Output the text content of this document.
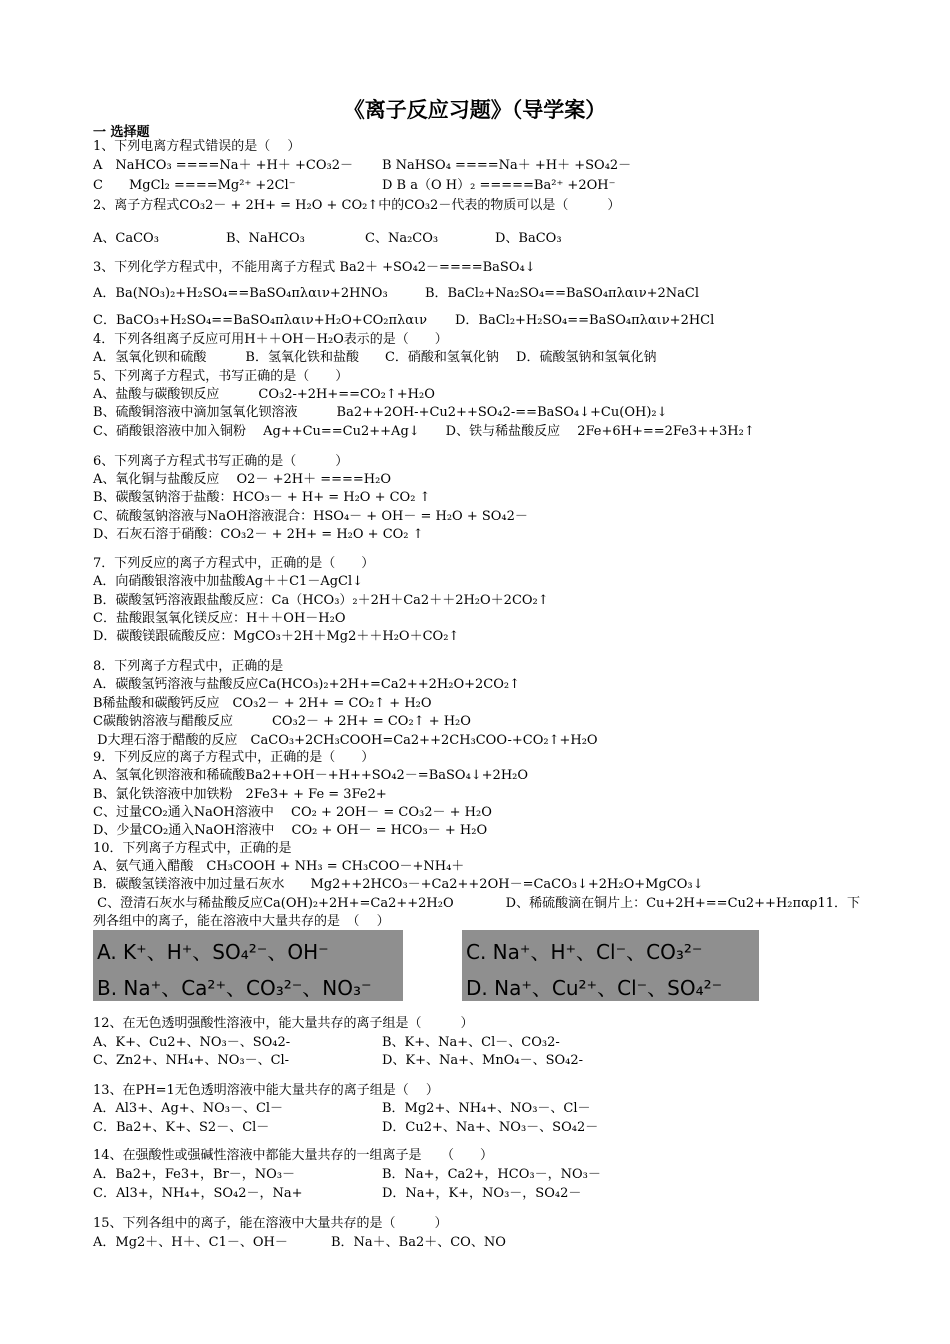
《离子反应习题》（导学案）
一 选择题
1、下列电离方程式错误的是（　 ）
A　NaHCO₃ ====Na＋ +H＋ +CO₃2－ B NaHSO₄ ====Na＋ +H＋ +SO₄2－
C　　MgCl₂ ====Mg²⁺ +2Cl⁻	D B a（O H）₂ =====Ba²⁺ +2OH⁻
2、离子方程式CO₃2－ + 2H+ = H₂O + CO₂↑中的CO₃2－代表的物质可以是（　　　）
A、CaCO₃	B、NaHCO₃	C、Na₂CO₃	D、BaCO₃
3、下列化学方程式中，不能用离子方程式 Ba2＋ +SO₄2－====BaSO₄↓
A．Ba(NO₃)₂+H₂SO₄==BaSO₄πλαιν+2HNO₃	B．BaCl₂+Na₂SO₄==BaSO₄πλαιν+2NaCl
C．BaCO₃+H₂SO₄==BaSO₄πλαιν+H₂O+CO₂πλαιν D．BaCl₂+H₂SO₄==BaSO₄πλαιν+2HCl
4．下列各组离子反应可用H＋＋OH－H₂O表示的是（　　）
A．氢氧化钡和硫酸　　　B．氢氧化铁和盐酸　　C．硝酸和氢氧化钠　 D．硫酸氢钠和氢氧化钠
5、下列离子方程式，书写正确的是（　　）
A、盐酸与碳酸钡反应　　　CO₃2-+2H+==CO₂↑+H₂O
B、硫酸铜溶液中滴加氢氧化钡溶液　　　Ba2++2OH-+Cu2++SO₄2-==BaSO₄↓+Cu(OH)₂↓
C、硝酸银溶液中加入铜粉　 Ag++Cu==Cu2++Ag↓　　D、铁与稀盐酸反应　 2Fe+6H+==2Fe3++3H₂↑
6、下列离子方程式书写正确的是（　　　）
A、氧化铜与盐酸反应　 O2－ +2H＋ ====H₂O
B、碳酸氢钠溶于盐酸：HCO₃－ + H+ = H₂O + CO₂ ↑
C、硫酸氢钠溶液与NaOH溶液混合：HSO₄－ + OH－ = H₂O + SO₄2－
D、石灰石溶于硝酸：CO₃2－ + 2H+ = H₂O + CO₂ ↑
7．下列反应的离子方程式中，正确的是（　　）
A．向硝酸银溶液中加盐酸Ag＋＋C1－AgCl↓
B．碳酸氢钙溶液跟盐酸反应：Ca（HCO₃）₂＋2H＋Ca2＋＋2H₂O＋2CO₂↑
C．盐酸跟氢氧化镁反应：H＋＋OH－H₂O
D．碳酸镁跟硫酸反应：MgCO₃＋2H＋Mg2＋＋H₂O＋CO₂↑
8．下列离子方程式中，正确的是
A．碳酸氢钙溶液与盐酸反应Ca(HCO₃)₂+2H+=Ca2++2H₂O+2CO₂↑
B稀盐酸和碳酸钙反应　CO₃2－ + 2H+ = CO₂↑ + H₂O
C碳酸钠溶液与醋酸反应　　　CO₃2－ + 2H+ = CO₂↑ + H₂O
D大理石溶于醋酸的反应　CaCO₃+2CH₃COOH=Ca2++2CH₃COO-+CO₂↑+H₂O
9．下列反应的离子方程式中，正确的是（　　）
A、氢氧化钡溶液和稀硫酸Ba2++OH－+H++SO₄2－=BaSO₄↓+2H₂O
B、氯化铁溶液中加铁粉　2Fe3+ + Fe = 3Fe2+
C、过量CO₂通入NaOH溶液中　 CO₂ + 2OH－ = CO₃2－ + H₂O
D、少量CO₂通入NaOH溶液中　 CO₂ + OH－ = HCO₃－ + H₂O
10．下列离子方程式中，正确的是
A、氨气通入醋酸　CH₃COOH + NH₃ = CH₃COO－+NH₄＋
B．碳酸氢镁溶液中加过量石灰水　　Mg2++2HCO₃－+Ca2++2OH－=CaCO₃↓+2H₂O+MgCO₃↓
C、澄清石灰水与稀盐酸反应Ca(OH)₂+2H+=Ca2++2H₂O　　　　D、稀硫酸滴在铜片上：Cu+2H+==Cu2++H₂παρ11．下
列各组中的离子，能在溶液中大量共存的是　（　 ）
12、在无色透明强酸性溶液中，能大量共存的离子组是（　　　）
A、K+、Cu2+、NO₃－、SO₄2-	B、K+、Na+、Cl－、CO₃2-
C、Zn2+、NH₄+、NO₃－、Cl-	D、K+、Na+、MnO₄－、SO₄2-
13、在PH=1无色透明溶液中能大量共存的离子组是（　 ）
A．Al3+、Ag+、NO₃－、Cl－	B．Mg2+、NH₄+、NO₃－、Cl－
C．Ba2+、K+、S2－、Cl－	D．Cu2+、Na+、NO₃－、SO₄2－
14、在强酸性或强碱性溶液中都能大量共存的一组离子是　　（　　）
A．Ba2+，Fe3+，Br－，NO₃－	B．Na+，Ca2+，HCO₃－，NO₃－
C．Al3+，NH₄+，SO₄2－，Na+	D．Na+，K+，NO₃－，SO₄2－
15、下列各组中的离子，能在溶液中大量共存的是（　　　）
A．Mg2＋、H＋、C1－、OH－　　　 B．Na＋、Ba2＋、CO、NO
A. K⁺、H⁺、SO₄²⁻、OH⁻
B. Na⁺、Ca²⁺、CO₃²⁻、NO₃⁻
C. Na⁺、H⁺、Cl⁻、CO₃²⁻
D. Na⁺、Cu²⁺、Cl⁻、SO₄²⁻
